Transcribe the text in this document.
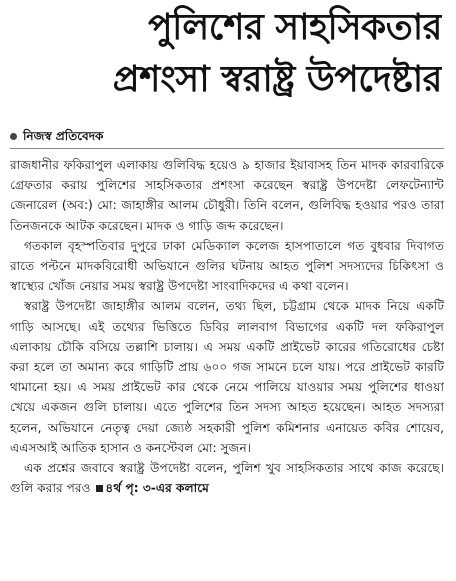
পুলিশের সাহসিকতার
প্রশংসা স্বরাষ্ট্র উপদেষ্টার
নিজস্ব প্রতিবেদক

রাজধানীর ফকিরাপুল এলাকায় গুলিবিদ্ধ হয়েও ৯ হাজার ইয়াবাসহ তিন মাদক কারবারিকে গ্রেফতার করায় পুলিশের সাহসিকতার প্রশংসা করেছেন স্বরাষ্ট্র উপদেষ্টা লেফটেন্যান্ট জেনারেল (অব:) মো: জাহাঙ্গীর আলম চৌধুরী। তিনি বলেন, গুলিবিদ্ধ হওয়ার পরও তারা তিনজনকে আটক করেছেন। মাদক ও গাড়ি জব্দ করেছেন।

গতকাল বৃহস্পতিবার দুপুরে ঢাকা মেডিক্যাল কলেজ হাসপাতালে গত বুধবার দিবাগত রাতে পল্টনে মাদকবিরোধী অভিযানে গুলির ঘটনায় আহত পুলিশ সদস্যদের চিকিৎসা ও স্বাস্থ্যের খোঁজ নেয়ার সময় স্বরাষ্ট্র উপদেষ্টা সাংবাদিকদের এ কথা বলেন।

স্বরাষ্ট্র উপদেষ্টা জাহাঙ্গীর আলম বলেন, তথ্য ছিল, চট্টগ্রাম থেকে মাদক নিয়ে একটি গাড়ি আসছে। এই তথ্যের ভিত্তিতে ডিবির লালবাগ বিভাগের একটি দল ফকিরাপুল এলাকায় চৌকি বসিয়ে তল্লাশি চালায়। এ সময় একটি প্রাইভেট কারের গতিরোধের চেষ্টা করা হলে তা অমান্য করে গাড়িটি প্রায় ৬০০ গজ সামনে চলে যায়। পরে প্রাইভেট কারটি থামানো হয়। এ সময় প্রাইভেট কার থেকে নেমে পালিয়ে যাওয়ার সময় পুলিশের ধাওয়া খেয়ে একজন গুলি চালায়। এতে পুলিশের তিন সদস্য আহত হয়েছেন। আহত সদস্যরা হলেন, অভিযানে নেতৃত্ব দেয়া জ্যেষ্ঠ সহকারী পুলিশ কমিশনার এনায়েত কবির শোয়েব, এএসআই আতিক হাসান ও কনস্টেবল মো: সুজন।

এক প্রশ্নের জবাবে স্বরাষ্ট্র উপদেষ্টা বলেন, পুলিশ খুব সাহসিকতার সাথে কাজ করেছে। গুলি করার পরও ৪র্থ পৃ: ৩-এর কলামে
